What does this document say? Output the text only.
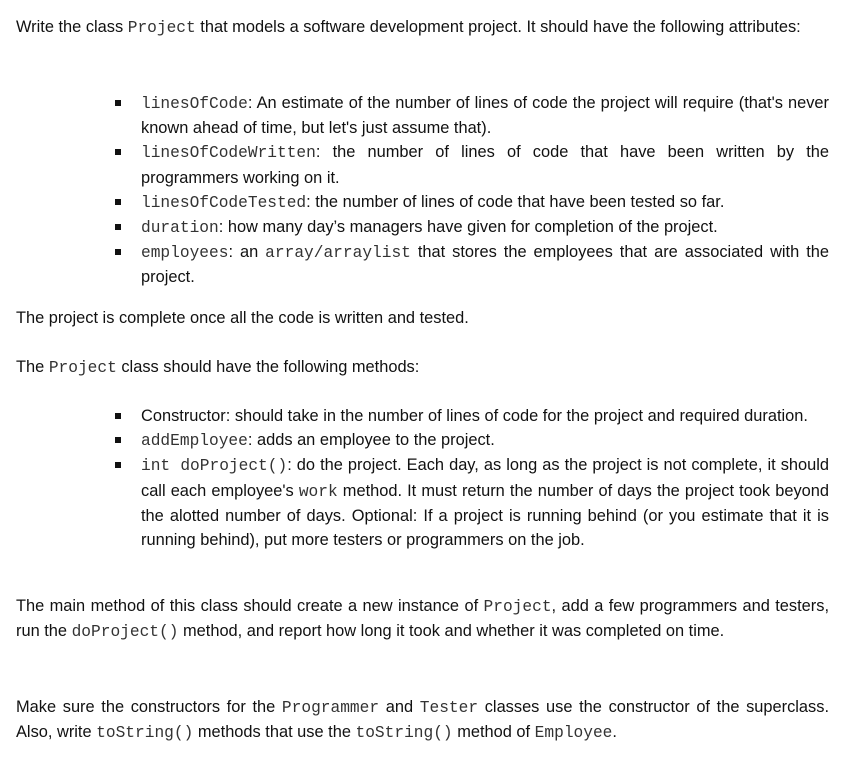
Write the class Project that models a software development project. It should have the following attributes:

linesOfCode: An estimate of the number of lines of code the project will require (that's never known ahead of time, but let's just assume that).
linesOfCodeWritten: the number of lines of code that have been written by the programmers working on it.
linesOfCodeTested: the number of lines of code that have been tested so far.
duration: how many day’s managers have given for completion of the project.
employees: an array/arraylist that stores the employees that are associated with the project.

The project is complete once all the code is written and tested.

The Project class should have the following methods:

Constructor: should take in the number of lines of code for the project and required duration.
addEmployee: adds an employee to the project.
int doProject(): do the project. Each day, as long as the project is not complete, it should call each employee's work method. It must return the number of days the project took beyond the alotted number of days. Optional: If a project is running behind (or you estimate that it is running behind), put more testers or programmers on the job.

The main method of this class should create a new instance of Project, add a few programmers and testers, run the doProject() method, and report how long it took and whether it was completed on time.

Make sure the constructors for the Programmer and Tester classes use the constructor of the superclass. Also, write toString() methods that use the toString() method of Employee.
